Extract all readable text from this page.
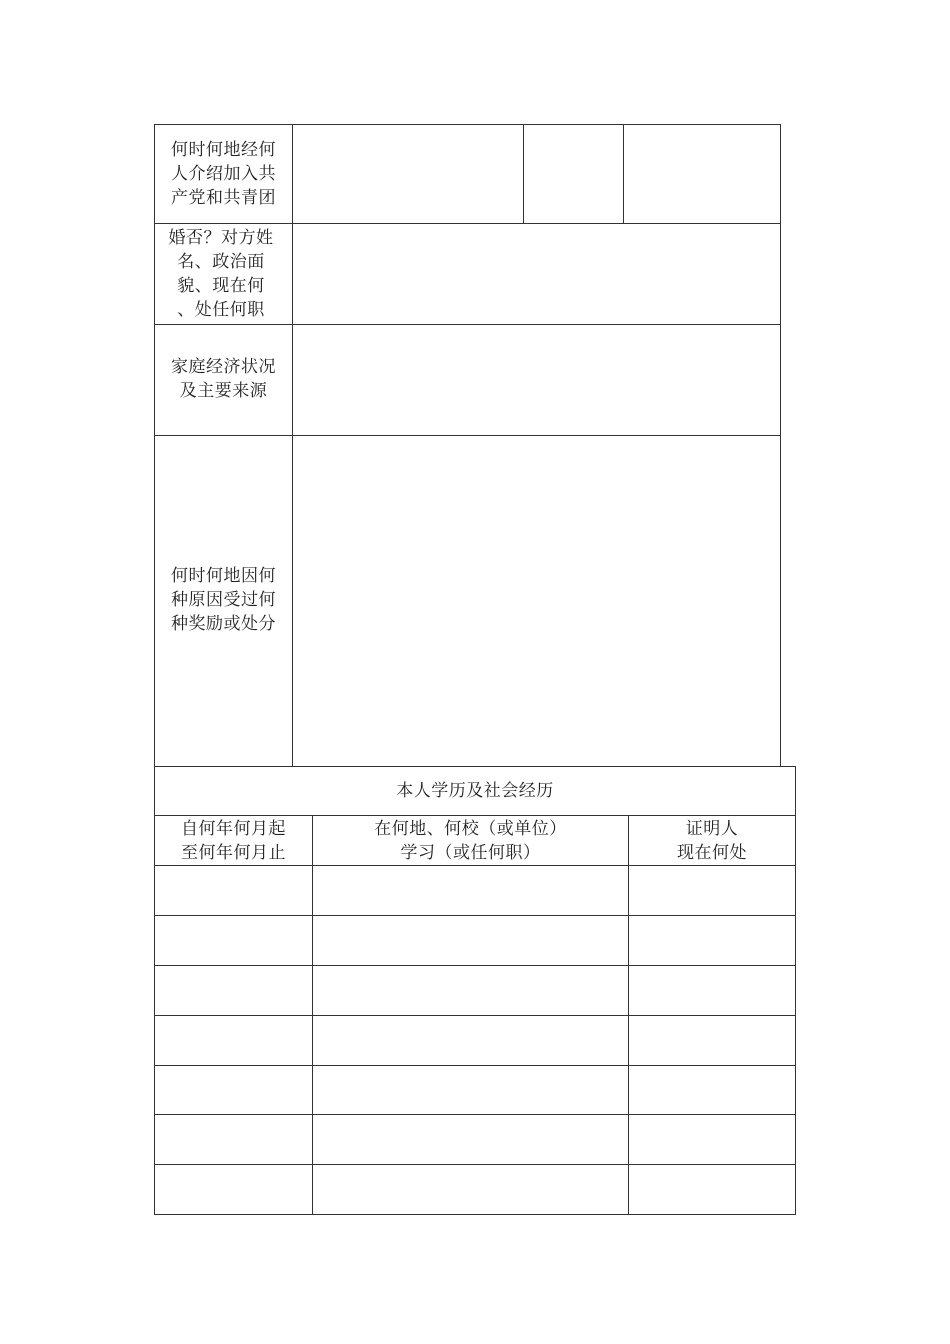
何时何地经何
人介绍加入共
产党和共青团
婚否？对方姓
名、政治面
貌、现在何
、处任何职
家庭经济状况
及主要来源
何时何地因何
种原因受过何
种奖励或处分
本人学历及社会经历
自何年何月起
至何年何月止
在何地、何校（或单位）
学习（或任何职）
证明人
现在何处
